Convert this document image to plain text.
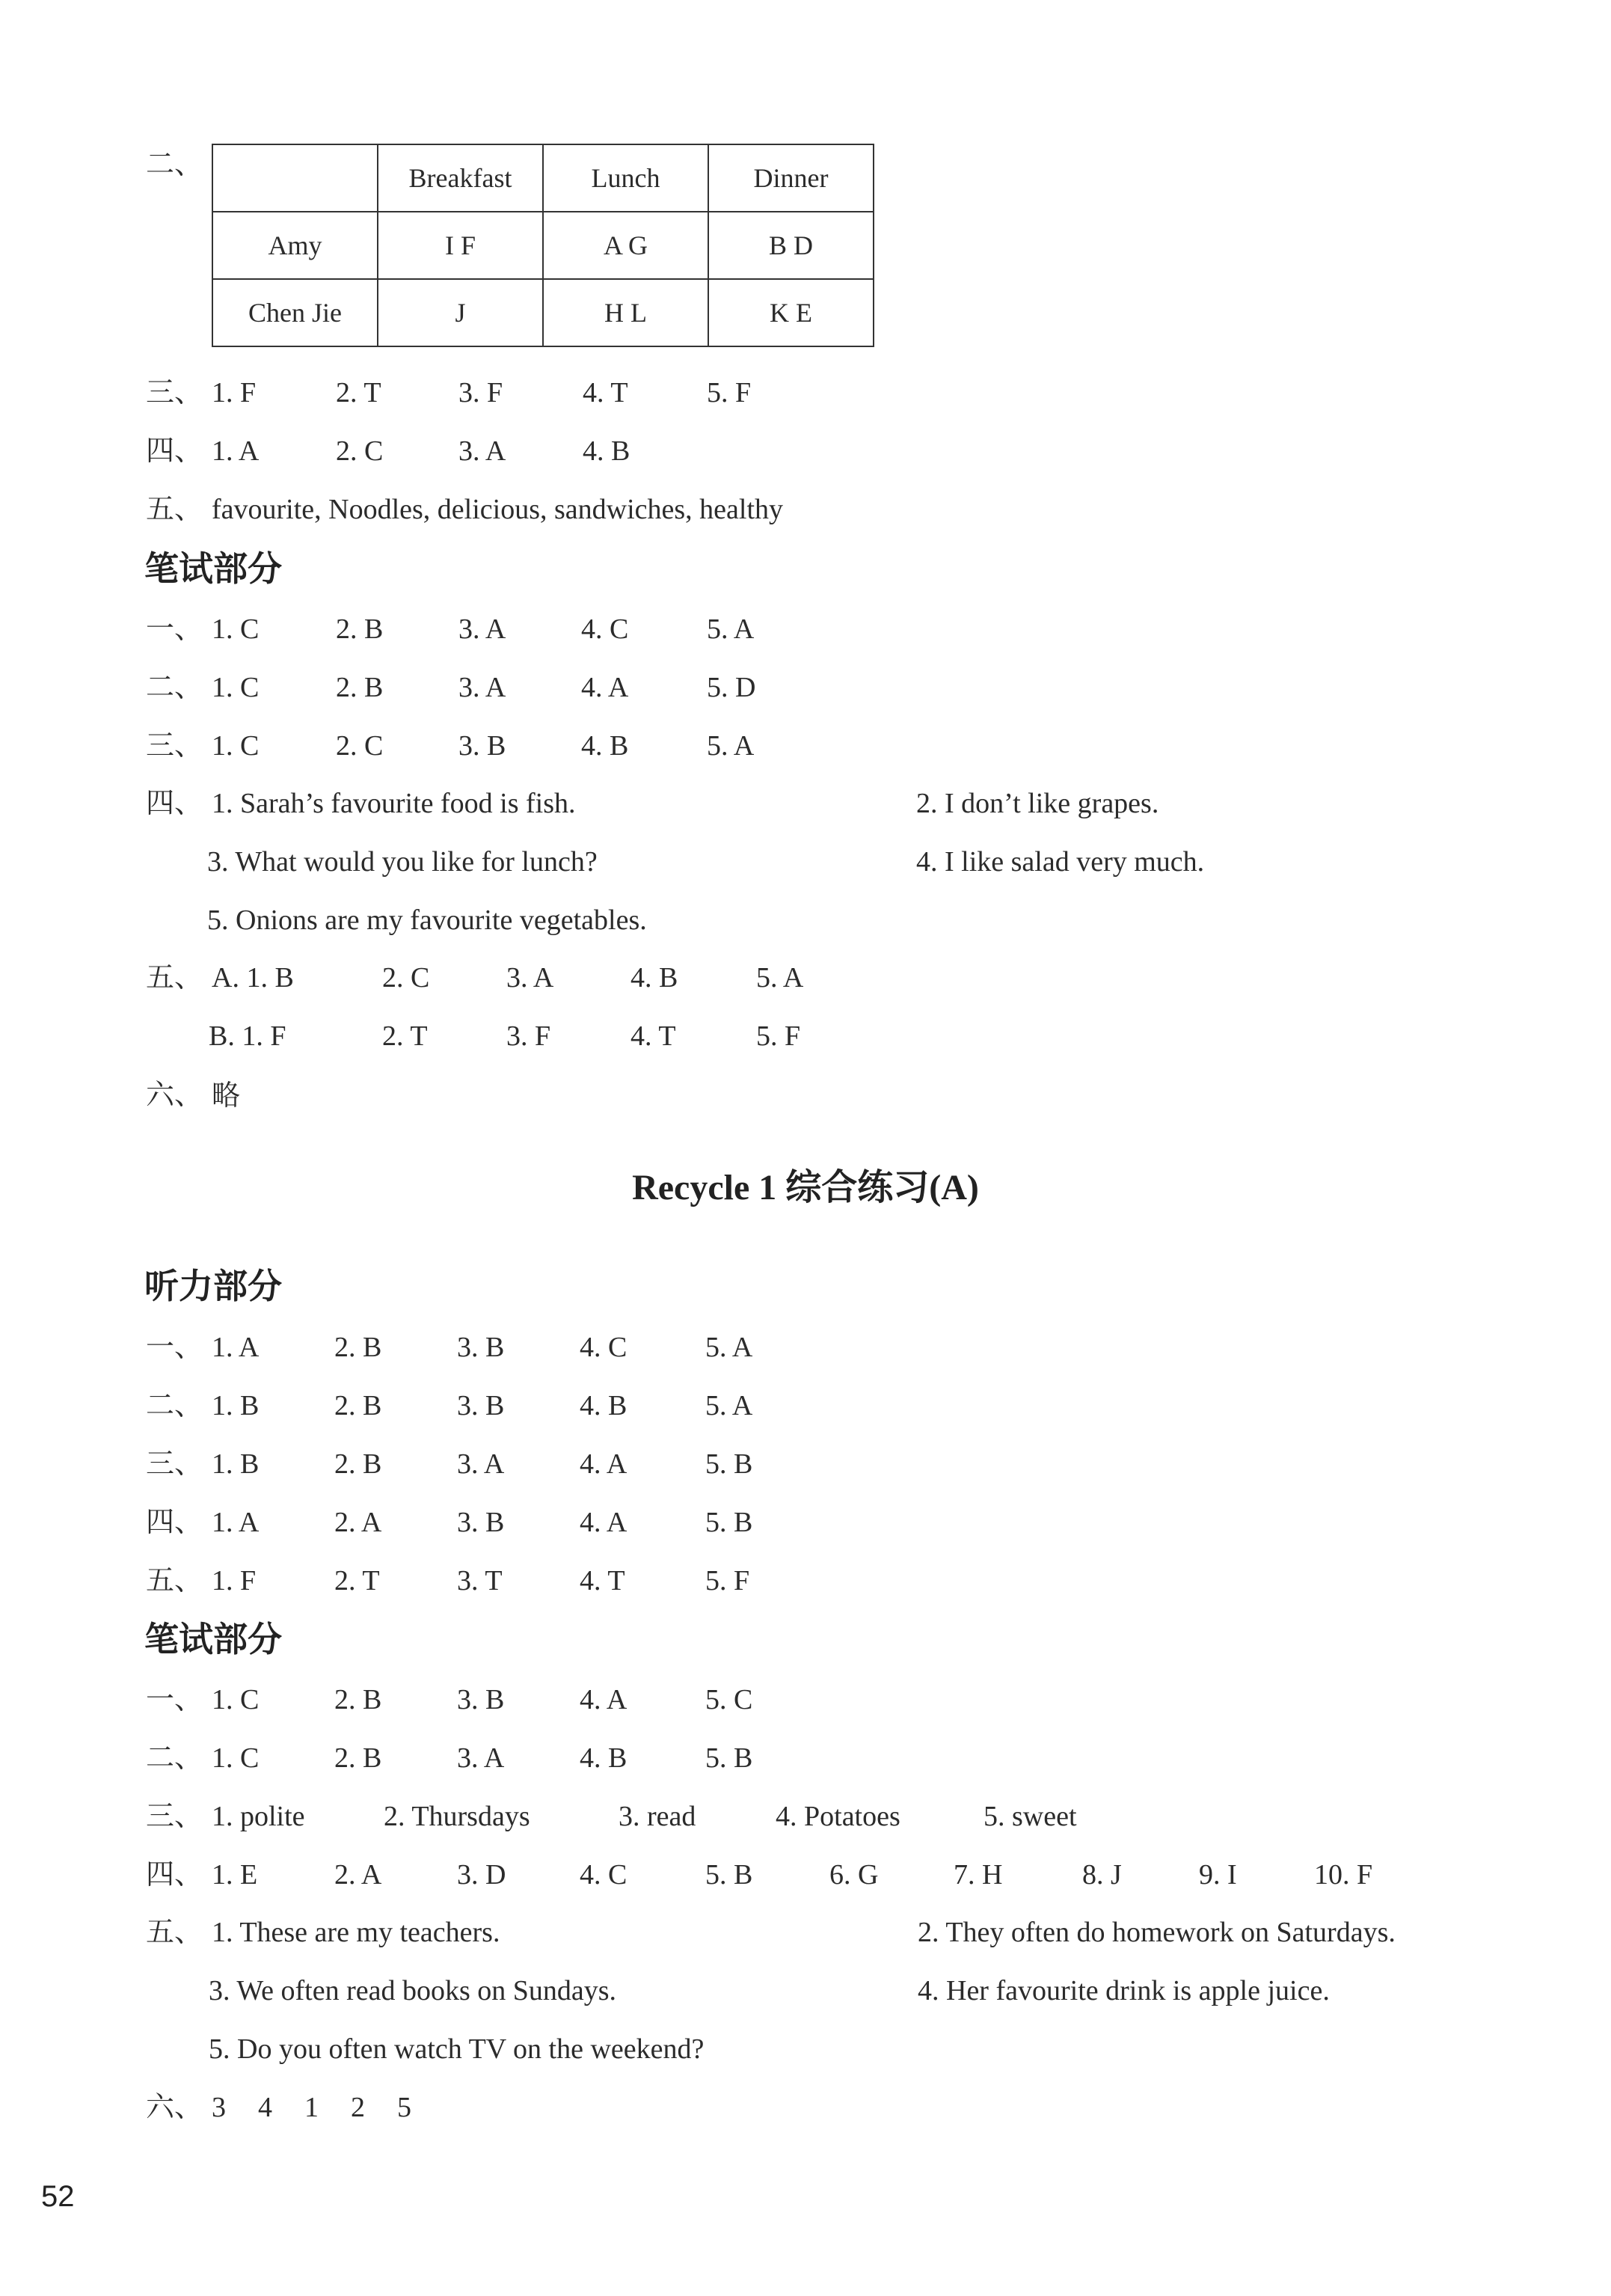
二、
		Breakfast	Lunch	Dinner
Amy	I F	A G	B D
Chen Jie	J	H L	K E
三、 1. F	2. T	3. F	4. T	5. F
四、 1. A	2. C	3. A	4. B
五、 favourite, Noodles, delicious, sandwiches, healthy
笔试部分
一、 1. C	2. B	3. A	4. C	5. A
二、 1. C	2. B	3. A	4. A	5. D
三、 1. C	2. C	3. B	4. B	5. A
四、 1. Sarah’s favourite food is fish.	2. I don’t like grapes.
3. What would you like for lunch?	4. I like salad very much.
5. Onions are my favourite vegetables.
五、 A. 1. B	2. C	3. A	4. B	5. A
B. 1. F	2. T	3. F	4. T	5. F
六、 略
Recycle 1 综合练习(A)
听力部分
一、 1. A	2. B	3. B	4. C	5. A
二、 1. B	2. B	3. B	4. B	5. A
三、 1. B	2. B	3. A	4. A	5. B
四、 1. A	2. A	3. B	4. A	5. B
五、 1. F	2. T	3. T	4. T	5. F
笔试部分
一、 1. C	2. B	3. B	4. A	5. C
二、 1. C	2. B	3. A	4. B	5. B
三、 1. polite	2. Thursdays	3. read	4. Potatoes	5. sweet
四、 1. E	2. A	3. D	4. C	5. B	6. G	7. H	8. J	9. I	10. F
五、 1. These are my teachers.	2. They often do homework on Saturdays.
3. We often read books on Sundays.	4. Her favourite drink is apple juice.
5. Do you often watch TV on the weekend?
六、 3 4 1 2 5
52
